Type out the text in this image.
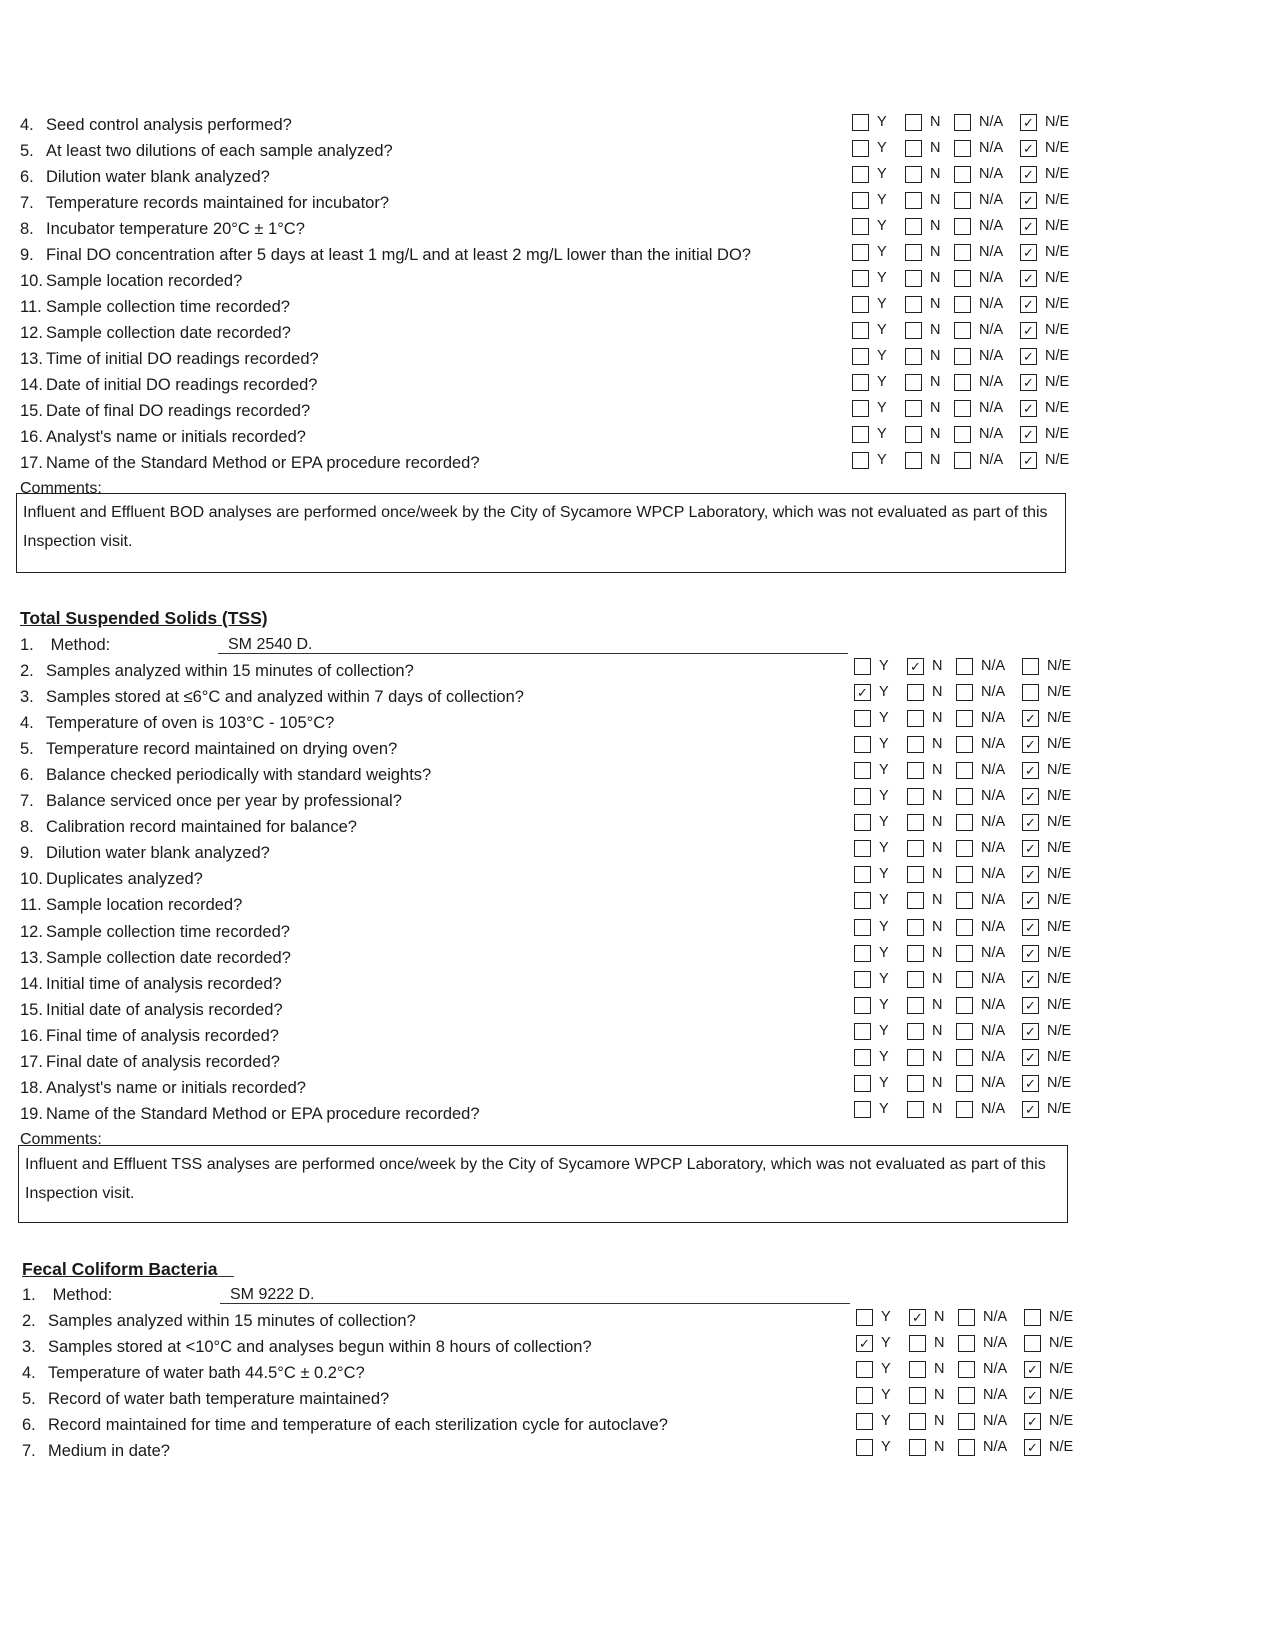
4. Seed control analysis performed?	Y	N	N/A ✓ N/E
5. At least two dilutions of each sample analyzed?	Y	N	N/A ✓ N/E
6. Dilution water blank analyzed?	Y	N	N/A ✓ N/E
7. Temperature records maintained for incubator?	Y	N	N/A ✓ N/E
8. Incubator temperature 20°C ± 1°C?	Y	N	N/A ✓ N/E
9. Final DO concentration after 5 days at least 1 mg/L and at least 2 mg/L lower than the initial DO?	Y	N	N/A ✓ N/E
10. Sample location recorded?	Y	N	N/A ✓ N/E
11. Sample collection time recorded?	Y	N	N/A ✓ N/E
12. Sample collection date recorded?	Y	N	N/A ✓ N/E
13. Time of initial DO readings recorded?	Y	N	N/A ✓ N/E
14. Date of initial DO readings recorded?	Y	N	N/A ✓ N/E
15. Date of final DO readings recorded?	Y	N	N/A ✓ N/E
16. Analyst's name or initials recorded?	Y	N	N/A ✓ N/E
17. Name of the Standard Method or EPA procedure recorded?	Y	N	N/A ✓ N/E
Comments:
Influent and Effluent BOD analyses are performed once/week by the City of Sycamore WPCP Laboratory, which was not evaluated as part of this Inspection visit.
Total Suspended Solids (TSS)
1. Method:	SM 2540 D.
2. Samples analyzed within 15 minutes of collection?	Y ✓ N	N/A	N/E
3. Samples stored at ≤6°C and analyzed within 7 days of collection?	✓ Y	N	N/A	N/E
4. Temperature of oven is 103°C - 105°C?	Y	N	N/A ✓ N/E
5. Temperature record maintained on drying oven?	Y	N	N/A ✓ N/E
6. Balance checked periodically with standard weights?	Y	N	N/A ✓ N/E
7. Balance serviced once per year by professional?	Y	N	N/A ✓ N/E
8. Calibration record maintained for balance?	Y	N	N/A ✓ N/E
9. Dilution water blank analyzed?	Y	N	N/A ✓ N/E
10. Duplicates analyzed?	Y	N	N/A ✓ N/E
11. Sample location recorded?	Y	N	N/A ✓ N/E
12. Sample collection time recorded?	Y	N	N/A ✓ N/E
13. Sample collection date recorded?	Y	N	N/A ✓ N/E
14. Initial time of analysis recorded?	Y	N	N/A ✓ N/E
15. Initial date of analysis recorded?	Y	N	N/A ✓ N/E
16. Final time of analysis recorded?	Y	N	N/A ✓ N/E
17. Final date of analysis recorded?	Y	N	N/A ✓ N/E
18. Analyst's name or initials recorded?	Y	N	N/A ✓ N/E
19. Name of the Standard Method or EPA procedure recorded?	Y	N	N/A ✓ N/E
Comments:
Influent and Effluent TSS analyses are performed once/week by the City of Sycamore WPCP Laboratory, which was not evaluated as part of this Inspection visit.
Fecal Coliform Bacteria
1. Method:	SM 9222 D.
2. Samples analyzed within 15 minutes of collection?	Y ✓ N	N/A	N/E
3. Samples stored at <10°C and analyses begun within 8 hours of collection?	✓ Y	N	N/A	N/E
4. Temperature of water bath 44.5°C ± 0.2°C?	Y	N	N/A ✓ N/E
5. Record of water bath temperature maintained?	Y	N	N/A ✓ N/E
6. Record maintained for time and temperature of each sterilization cycle for autoclave?	Y	N	N/A ✓ N/E
7. Medium in date?	Y	N	N/A ✓ N/E
